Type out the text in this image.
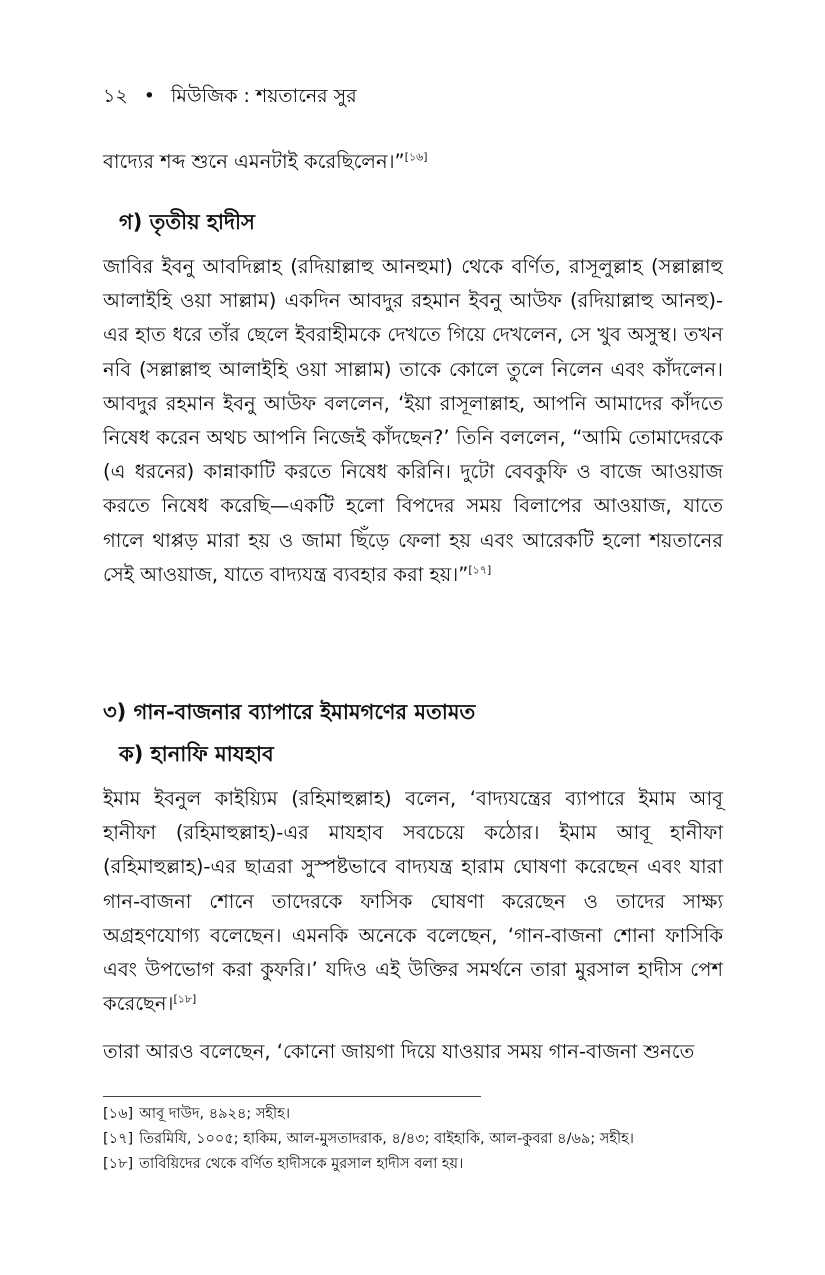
১২ • মিউজিক : শয়তানের সুর

বাদ্যের শব্দ শুনে এমনটাই করেছিলেন।”[১৬]

গ) তৃতীয় হাদীস

জাবির ইবনু আবদিল্লাহ (রদিয়াল্লাহু আনহুমা) থেকে বর্ণিত, রাসূলুল্লাহ (সল্লাল্লাহু আলাইহি ওয়া সাল্লাম) একদিন আবদুর রহমান ইবনু আউফ (রদিয়াল্লাহু আনহু)-এর হাত ধরে তাঁর ছেলে ইবরাহীমকে দেখতে গিয়ে দেখলেন, সে খুব অসুস্থ। তখন নবি (সল্লাল্লাহু আলাইহি ওয়া সাল্লাম) তাকে কোলে তুলে নিলেন এবং কাঁদলেন। আবদুর রহমান ইবনু আউফ বললেন, ‘ইয়া রাসূলাল্লাহ, আপনি আমাদের কাঁদতে নিষেধ করেন অথচ আপনি নিজেই কাঁদছেন?’ তিনি বললেন, “আমি তোমাদেরকে (এ ধরনের) কান্নাকাটি করতে নিষেধ করিনি। দুটো বেবকুফি ও বাজে আওয়াজ করতে নিষেধ করেছি—একটি হলো বিপদের সময় বিলাপের আওয়াজ, যাতে গালে থাপ্পড় মারা হয় ও জামা ছিঁড়ে ফেলা হয় এবং আরেকটি হলো শয়তানের সেই আওয়াজ, যাতে বাদ্যযন্ত্র ব্যবহার করা হয়।”[১৭]

৩) গান-বাজনার ব্যাপারে ইমামগণের মতামত
ক) হানাফি মাযহাব

ইমাম ইবনুল কাইয়্যিম (রহিমাহুল্লাহ) বলেন, ‘বাদ্যযন্ত্রের ব্যাপারে ইমাম আবূ হানীফা (রহিমাহুল্লাহ)-এর মাযহাব সবচেয়ে কঠোর। ইমাম আবূ হানীফা (রহিমাহুল্লাহ)-এর ছাত্ররা সুস্পষ্টভাবে বাদ্যযন্ত্র হারাম ঘোষণা করেছেন এবং যারা গান-বাজনা শোনে তাদেরকে ফাসিক ঘোষণা করেছেন ও তাদের সাক্ষ্য অগ্রহণযোগ্য বলেছেন। এমনকি অনেকে বলেছেন, ‘গান-বাজনা শোনা ফাসিকি এবং উপভোগ করা কুফরি।’ যদিও এই উক্তির সমর্থনে তারা মুরসাল হাদীস পেশ করেছেন।[১৮]

তারা আরও বলেছেন, ‘কোনো জায়গা দিয়ে যাওয়ার সময় গান-বাজনা শুনতে

[১৬] আবূ দাউদ, ৪৯২৪; সহীহ।
[১৭] তিরমিযি, ১০০৫; হাকিম, আল-মুসতাদরাক, ৪/৪৩; বাইহাকি, আল-কুবরা ৪/৬৯; সহীহ।
[১৮] তাবিয়িদের থেকে বর্ণিত হাদীসকে মুরসাল হাদীস বলা হয়।
